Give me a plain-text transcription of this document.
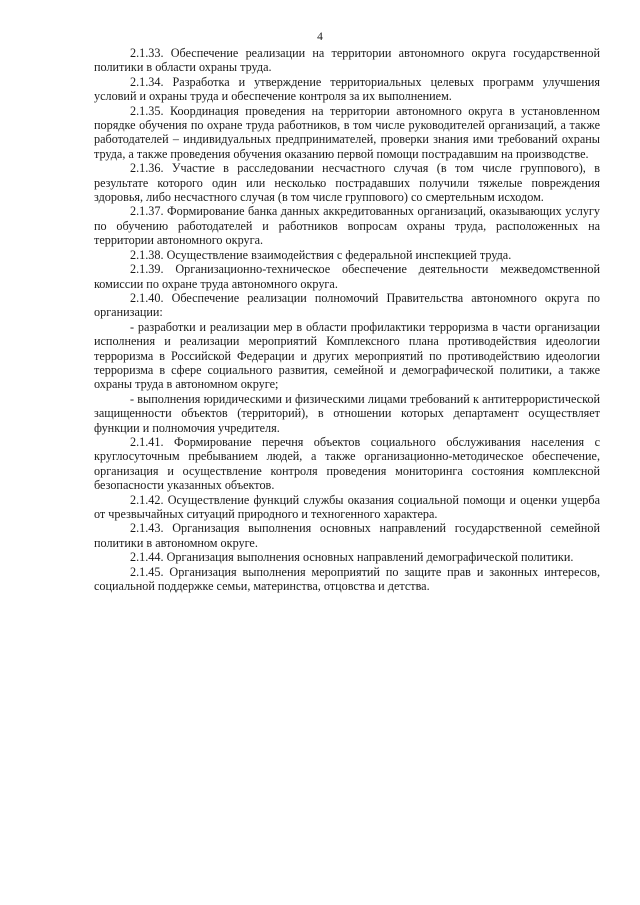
4

2.1.33. Обеспечение реализации на территории автономного округа государственной политики в области охраны труда.

2.1.34. Разработка и утверждение территориальных целевых программ улучшения условий и охраны труда и обеспечение контроля за их выполнением.

2.1.35. Координация проведения на территории автономного округа в установленном порядке обучения по охране труда работников, в том числе руководителей организаций, а также работодателей – индивидуальных предпринимателей, проверки знания ими требований охраны труда, а также проведения обучения оказанию первой помощи пострадавшим на производстве.

2.1.36. Участие в расследовании несчастного случая (в том числе группового), в результате которого один или несколько пострадавших получили тяжелые повреждения здоровья, либо несчастного случая (в том числе группового) со смертельным исходом.

2.1.37. Формирование банка данных аккредитованных организаций, оказывающих услугу по обучению работодателей и работников вопросам охраны труда, расположенных на территории автономного округа.

2.1.38. Осуществление взаимодействия с федеральной инспекцией труда.

2.1.39. Организационно-техническое обеспечение деятельности межведомственной комиссии по охране труда автономного округа.

2.1.40. Обеспечение реализации полномочий Правительства автономного округа по организации:

- разработки и реализации мер в области профилактики терроризма в части организации исполнения и реализации мероприятий Комплексного плана противодействия идеологии терроризма в Российской Федерации и других мероприятий по противодействию идеологии терроризма в сфере социального развития, семейной и демографической политики, а также охраны труда в автономном округе;

- выполнения юридическими и физическими лицами требований к антитеррористической защищенности объектов (территорий), в отношении которых департамент осуществляет функции и полномочия учредителя.

2.1.41. Формирование перечня объектов социального обслуживания населения с круглосуточным пребыванием людей, а также организационно-методическое обеспечение, организация и осуществление контроля проведения мониторинга состояния комплексной безопасности указанных объектов.

2.1.42. Осуществление функций службы оказания социальной помощи и оценки ущерба от чрезвычайных ситуаций природного и техногенного характера.

2.1.43. Организация выполнения основных направлений государственной семейной политики в автономном округе.

2.1.44. Организация выполнения основных направлений демографической политики.

2.1.45. Организация выполнения мероприятий по защите прав и законных интересов, социальной поддержке семьи, материнства, отцовства и детства.
